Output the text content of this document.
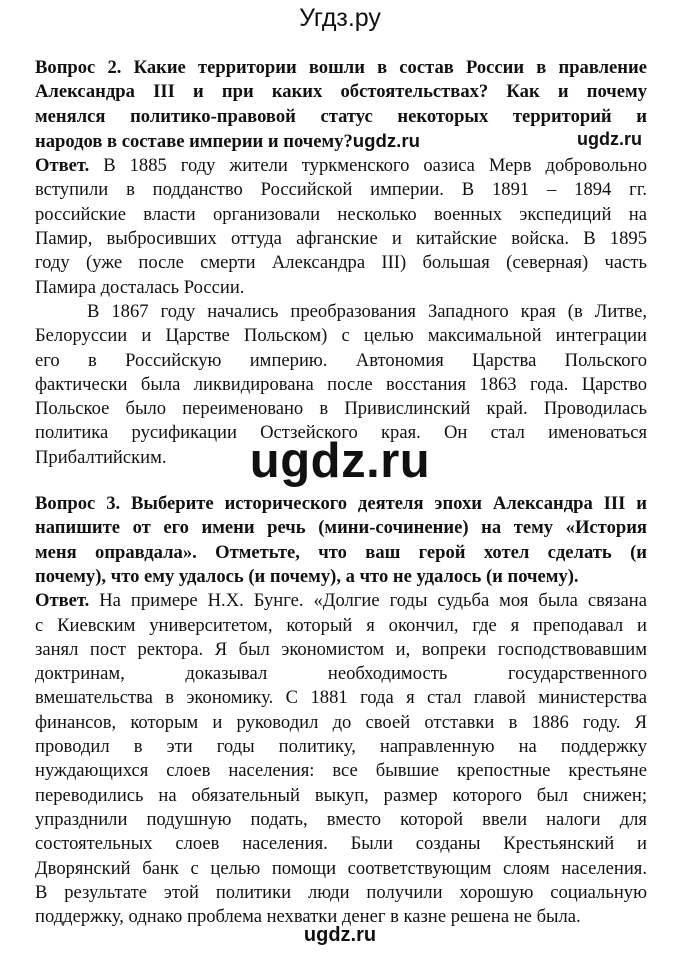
Угдз.ру
Вопрос 2. Какие территории вошли в состав России в правление
Александра III и при каких обстоятельствах? Как и почему
менялся политико-правовой статус некоторых территорий и
народов в составе империи и почему?ugdz.ru
Ответ. В 1885 году жители туркменского оазиса Мерв добровольно
вступили в подданство Российской империи. В 1891 – 1894 гг.
российские власти организовали несколько военных экспедиций на
Памир, выбросивших оттуда афганские и китайские войска. В 1895
году (уже после смерти Александра III) большая (северная) часть
Памира досталась России.
В 1867 году начались преобразования Западного края (в Литве,
Белоруссии и Царстве Польском) с целью максимальной интеграции
его в Российскую империю. Автономия Царства Польского
фактически была ликвидирована после восстания 1863 года. Царство
Польское было переименовано в Привислинский край. Проводилась
политика русификации Остзейского края. Он стал именоваться
Прибалтийским.
Вопрос 3. Выберите исторического деятеля эпохи Александра III и
напишите от его имени речь (мини-сочинение) на тему «История
меня оправдала». Отметьте, что ваш герой хотел сделать (и
почему), что ему удалось (и почему), а что не удалось (и почему).
Ответ. На примере Н.Х. Бунге. «Долгие годы судьба моя была связана
с Киевским университетом, который я окончил, где я преподавал и
занял пост ректора. Я был экономистом и, вопреки господствовавшим
доктринам, доказывал необходимость государственного
вмешательства в экономику. С 1881 года я стал главой министерства
финансов, которым и руководил до своей отставки в 1886 году. Я
проводил в эти годы политику, направленную на поддержку
нуждающихся слоев населения: все бывшие крепостные крестьяне
переводились на обязательный выкуп, размер которого был снижен;
упразднили подушную подать, вместо которой ввели налоги для
состоятельных слоев населения. Были созданы Крестьянский и
Дворянский банк с целью помощи соответствующим слоям населения.
В результате этой политики люди получили хорошую социальную
поддержку, однако проблема нехватки денег в казне решена не была.
ugdz.ru
ugdz.ru
ugdz.ru
